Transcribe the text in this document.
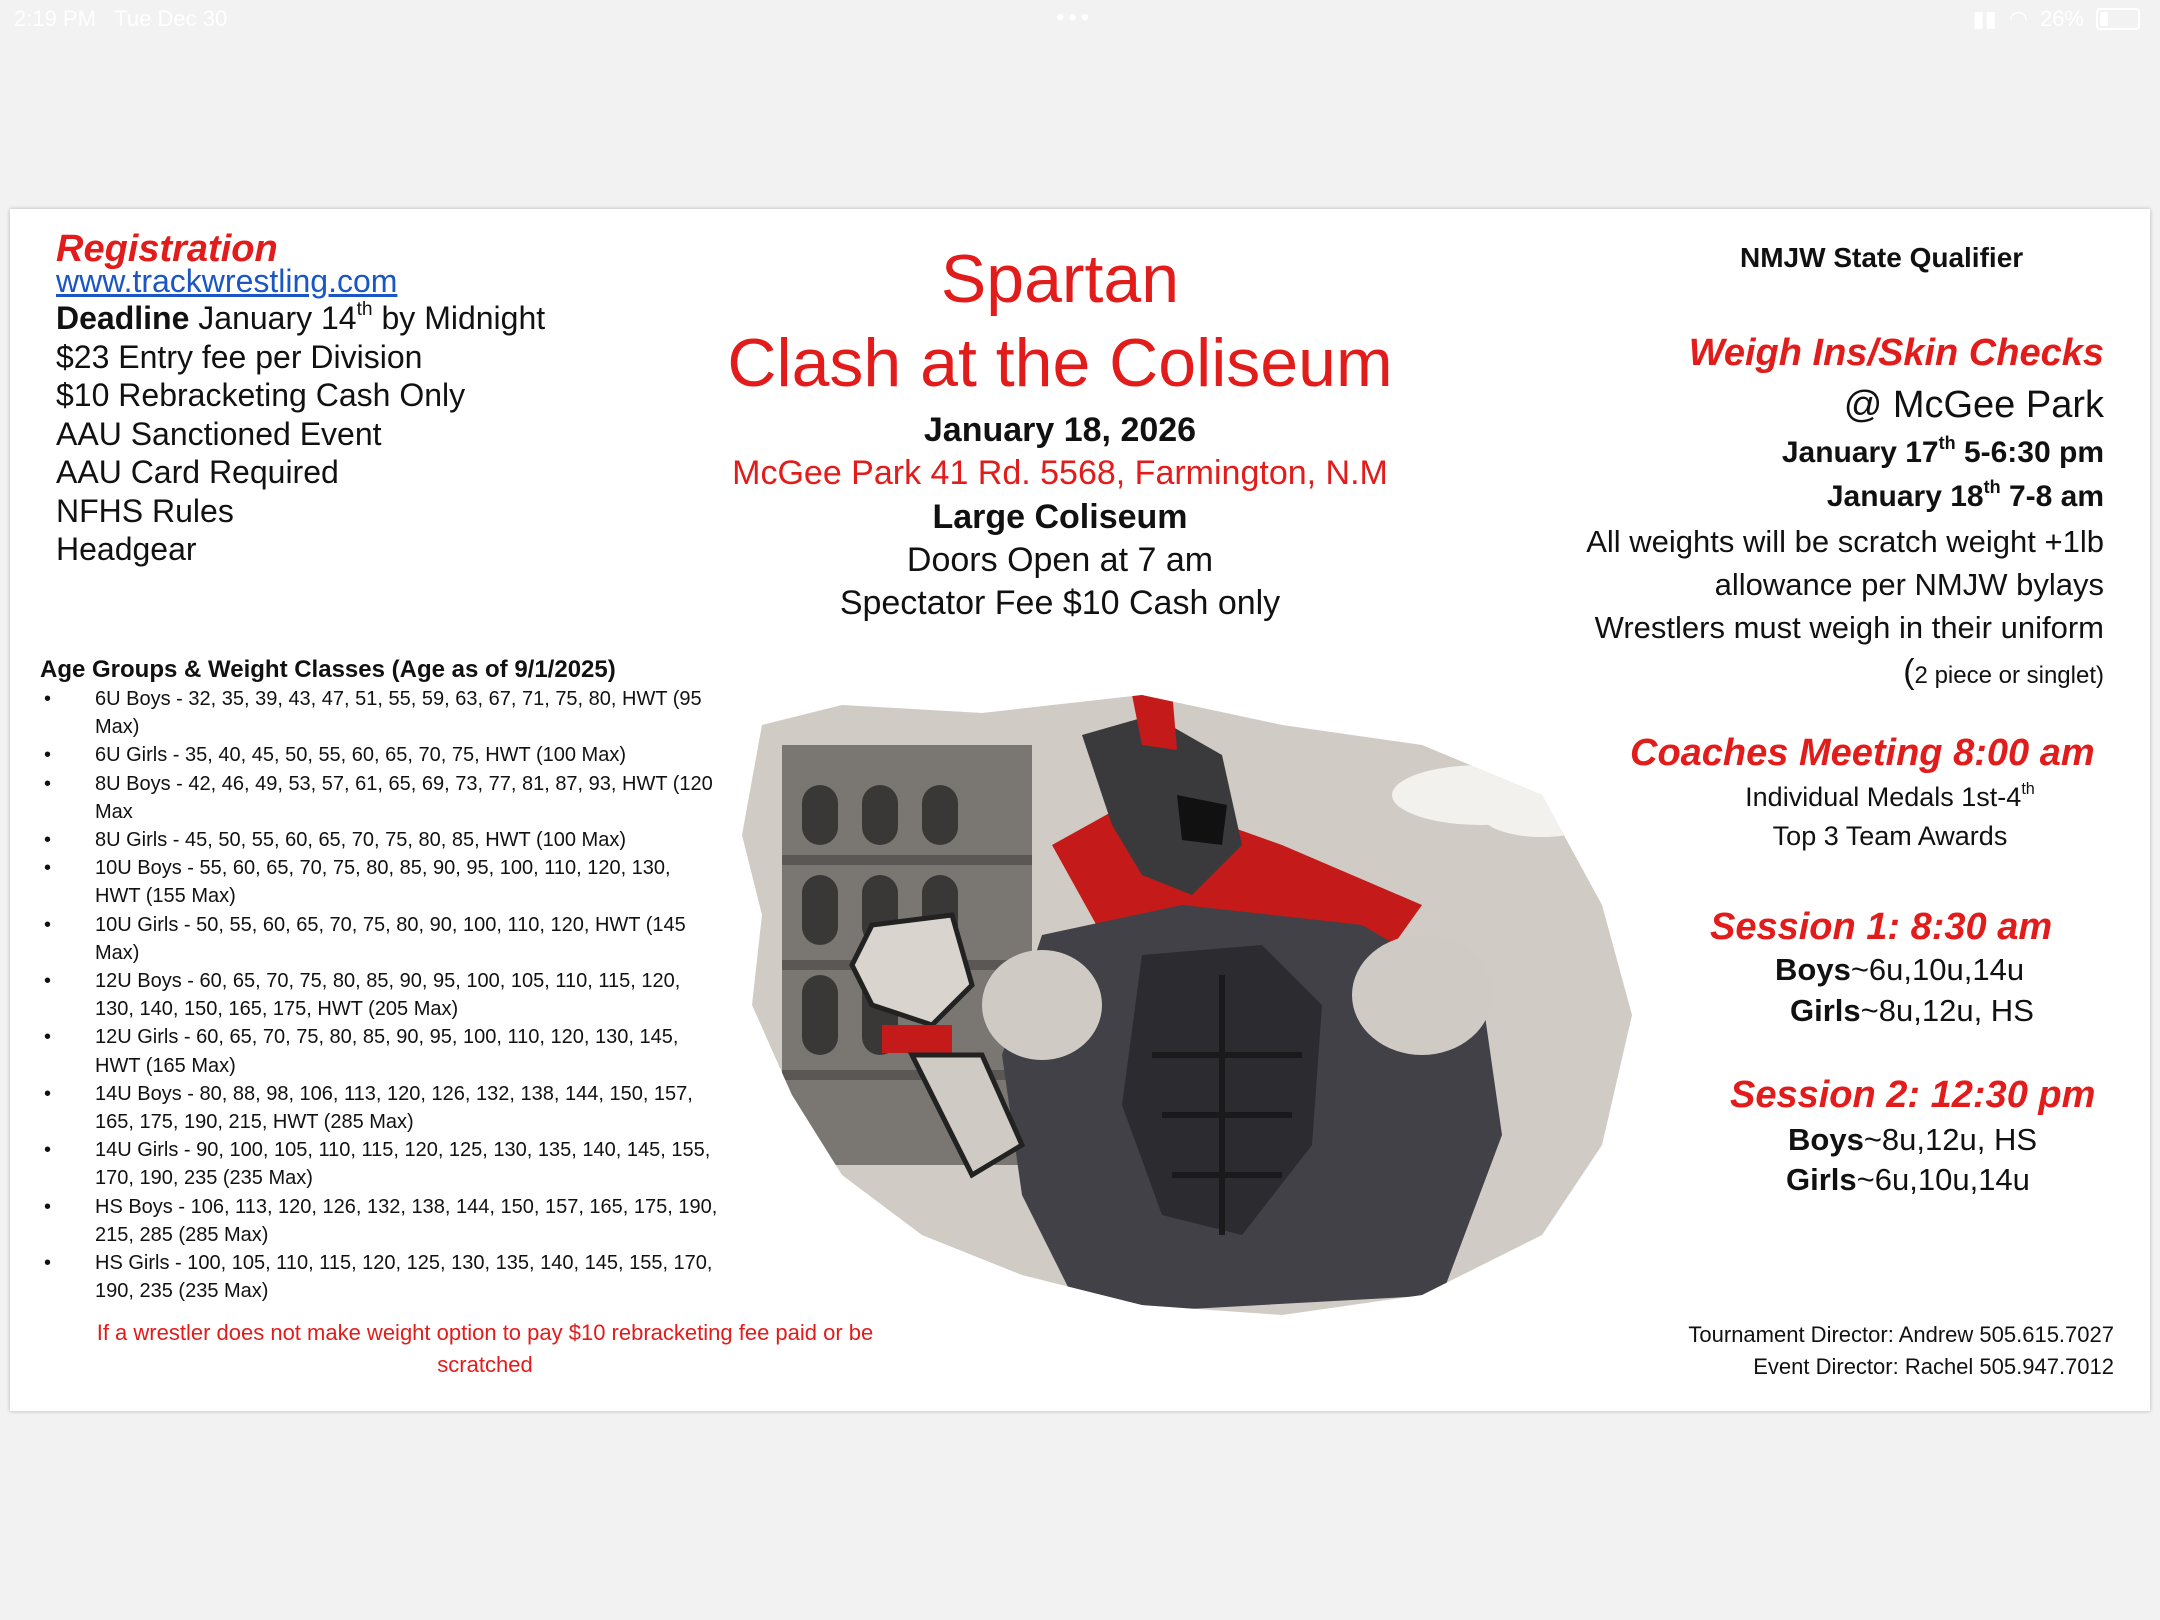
2:19 PM Tue Dec 30	•••	▮▮ ◠ 26%
Registration
www.trackwrestling.com
Deadline January 14th by Midnight
$23 Entry fee per Division
$10 Rebracketing Cash Only
AAU Sanctioned Event
AAU Card Required
NFHS Rules
Headgear
Spartan
Clash at the Coliseum
January 18, 2026
McGee Park 41 Rd. 5568, Farmington, N.M
Large Coliseum
Doors Open at 7 am
Spectator Fee $10 Cash only
NMJW State Qualifier
Weigh Ins/Skin Checks
@ McGee Park
January 17th 5-6:30 pm
January 18th 7-8 am
All weights will be scratch weight +1lb
allowance per NMJW bylays
Wrestlers must weigh in their uniform
(2 piece or singlet)
Coaches Meeting 8:00 am
Individual Medals 1st-4th
Top 3 Team Awards
Session 1: 8:30 am
Boys~6u,10u,14u
Girls~8u,12u, HS
Session 2: 12:30 pm
Boys~8u,12u, HS
Girls~6u,10u,14u
Tournament Director: Andrew 505.615.7027
Event Director: Rachel 505.947.7012
Age Groups & Weight Classes (Age as of 9/1/2025)
• 6U Boys - 32, 35, 39, 43, 47, 51, 55, 59, 63, 67, 71, 75, 80, HWT (95 Max)
• 6U Girls - 35, 40, 45, 50, 55, 60, 65, 70, 75, HWT (100 Max)
• 8U Boys - 42, 46, 49, 53, 57, 61, 65, 69, 73, 77, 81, 87, 93, HWT (120 Max
• 8U Girls - 45, 50, 55, 60, 65, 70, 75, 80, 85, HWT (100 Max)
• 10U Boys - 55, 60, 65, 70, 75, 80, 85, 90, 95, 100, 110, 120, 130, HWT (155 Max)
• 10U Girls - 50, 55, 60, 65, 70, 75, 80, 90, 100, 110, 120, HWT (145 Max)
• 12U Boys - 60, 65, 70, 75, 80, 85, 90, 95, 100, 105, 110, 115, 120, 130, 140, 150, 165, 175, HWT (205 Max)
• 12U Girls - 60, 65, 70, 75, 80, 85, 90, 95, 100, 110, 120, 130, 145, HWT (165 Max)
• 14U Boys - 80, 88, 98, 106, 113, 120, 126, 132, 138, 144, 150, 157, 165, 175, 190, 215, HWT (285 Max)
• 14U Girls - 90, 100, 105, 110, 115, 120, 125, 130, 135, 140, 145, 155, 170, 190, 235 (235 Max)
• HS Boys - 106, 113, 120, 126, 132, 138, 144, 150, 157, 165, 175, 190, 215, 285 (285 Max)
• HS Girls - 100, 105, 110, 115, 120, 125, 130, 135, 140, 145, 155, 170, 190, 235 (235 Max)
If a wrestler does not make weight option to pay $10 rebracketing fee paid or be scratched
